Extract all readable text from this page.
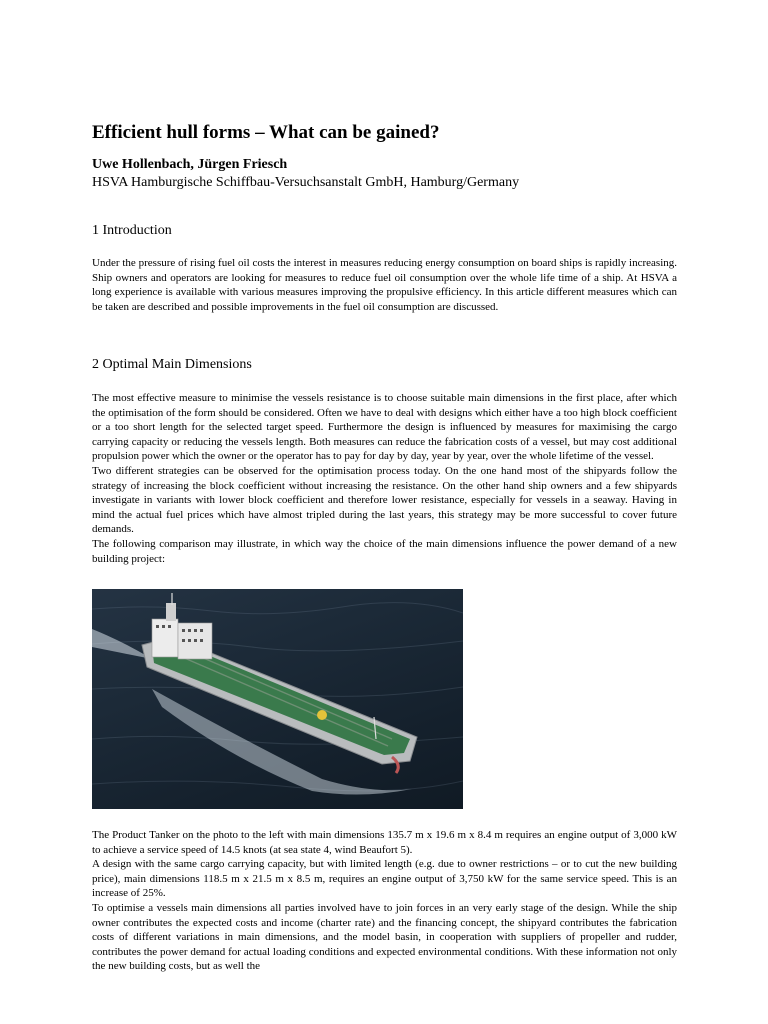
Efficient hull forms – What can be gained?
Uwe Hollenbach, Jürgen Friesch
HSVA Hamburgische Schiffbau-Versuchsanstalt GmbH, Hamburg/Germany
1 Introduction

Under the pressure of rising fuel oil costs the interest in measures reducing energy consumption on board ships is rapidly increasing. Ship owners and operators are looking for measures to reduce fuel oil consumption over the whole life time of a ship. At HSVA a long experience is available with various measures improving the propulsive efficiency. In this article different measures which can be taken are described and possible improvements in the fuel oil consumption are discussed.

2 Optimal Main Dimensions

The most effective measure to minimise the vessels resistance is to choose suitable main dimensions in the first place, after which the optimisation of the form should be considered. Often we have to deal with designs which either have a too high block coefficient or a too short length for the selected target speed. Furthermore the design is influenced by measures for maximising the cargo carrying capacity or reducing the vessels length. Both measures can reduce the fabrication costs of a vessel, but may cost additional propulsion power which the owner or the operator has to pay for day by day, year by year, over the whole lifetime of the vessel.

Two different strategies can be observed for the optimisation process today. On the one hand most of the shipyards follow the strategy of increasing the block coefficient without increasing the resistance. On the other hand ship owners and a few shipyards investigate in variants with lower block coefficient and therefore lower resistance, especially for vessels in a seaway. Having in mind the actual fuel prices which have almost tripled during the last years, this strategy may be more successful to cover future demands.

The following comparison may illustrate, in which way the choice of the main dimensions influence the power demand of a new building project:

The Product Tanker on the photo to the left with main dimensions 135.7 m x 19.6 m x 8.4 m requires an engine output of 3,000 kW to achieve a service speed of 14.5 knots (at sea state 4, wind Beaufort 5).

A design with the same cargo carrying capacity, but with limited length (e.g. due to owner restrictions – or to cut the new building price), main dimensions 118.5 m x 21.5 m x 8.5 m, requires an engine output of 3,750 kW for the same service speed. This is an increase of 25%.

To optimise a vessels main dimensions all parties involved have to join forces in an very early stage of the design. While the ship owner contributes the expected costs and income (charter rate) and the financing concept, the shipyard contributes the fabrication costs of different variations in main dimensions, and the model basin, in cooperation with suppliers of propeller and rudder, contributes the power demand for actual loading conditions and expected environmental conditions. With these information not only the new building costs, but as well the
